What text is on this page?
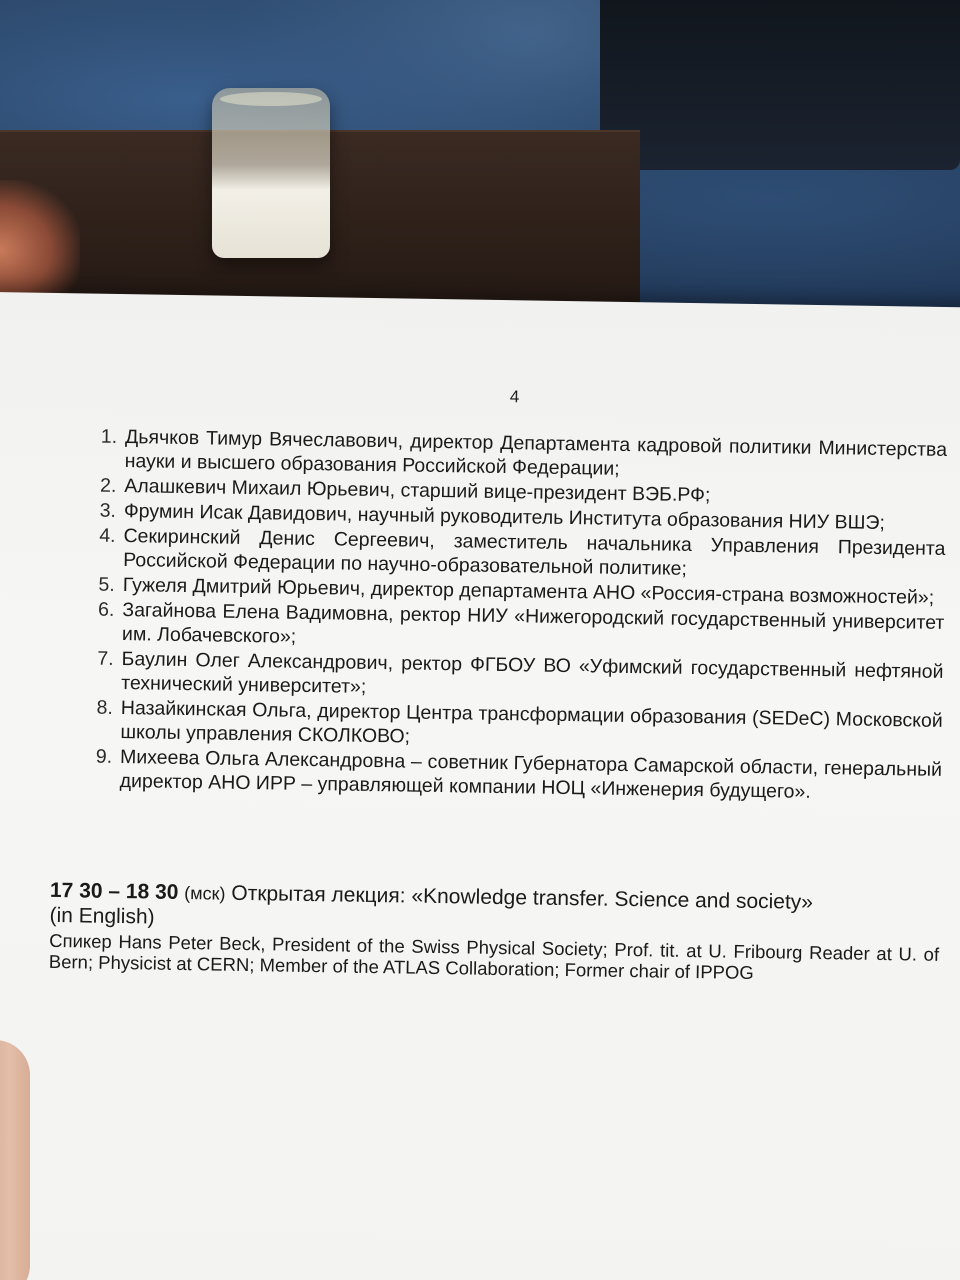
4
1. Дьячков Тимур Вячеславович, директор Департамента кадровой политики Министерства науки и высшего образования Российской Федерации;
2. Алашкевич Михаил Юрьевич, старший вице-президент ВЭБ.РФ;
3. Фрумин Исак Давидович, научный руководитель Института образования НИУ ВШЭ;
4. Секиринский Денис Сергеевич, заместитель начальника Управления Президента Российской Федерации по научно-образовательной политике;
5. Гужеля Дмитрий Юрьевич, директор департамента АНО «Россия-страна возможностей»;
6. Загайнова Елена Вадимовна, ректор НИУ «Нижегородский государственный университет им. Лобачевского»;
7. Баулин Олег Александрович, ректор ФГБОУ ВО «Уфимский государственный нефтяной технический университет»;
8. Назайкинская Ольга, директор Центра трансформации образования (SEDeC) Московской школы управления СКОЛКОВО;
9. Михеева Ольга Александровна – советник Губернатора Самарской области, генеральный директор АНО ИРР – управляющей компании НОЦ «Инженерия будущего».
17 30 – 18 30 (мск) Открытая лекция: «Knowledge transfer. Science and society»
(in English)
Спикер Hans Peter Beck, President of the Swiss Physical Society; Prof. tit. at U. Fribourg Reader at U. of Bern; Physicist at CERN; Member of the ATLAS Collaboration; Former chair of IPPOG
